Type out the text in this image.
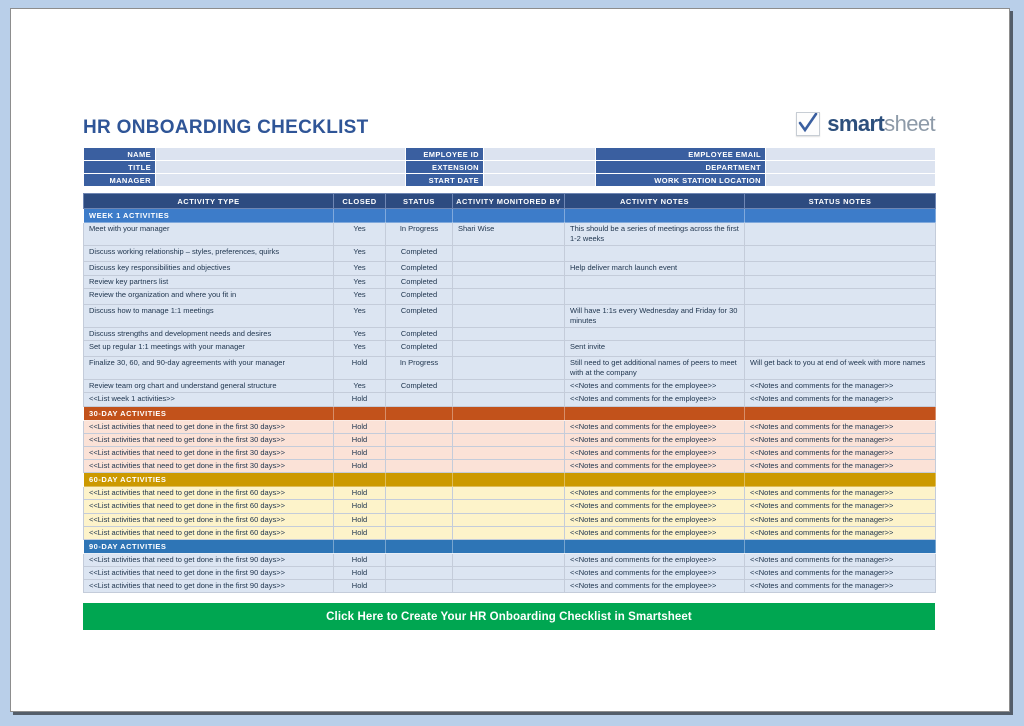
HR ONBOARDING CHECKLIST	smartsheet
NAME		EMPLOYEE ID		EMPLOYEE EMAIL	
TITLE		EXTENSION		DEPARTMENT	
MANAGER		START DATE		WORK STATION LOCATION	
ACTIVITY TYPE	CLOSED	STATUS	ACTIVITY MONITORED BY	ACTIVITY NOTES	STATUS NOTES
WEEK 1 ACTIVITIES					
Meet with your manager	Yes	In Progress	Shari Wise	This should be a series of meetings across the first 1-2 weeks	
Discuss working relationship – styles, preferences, quirks	Yes	Completed			
Discuss key responsibilities and objectives	Yes	Completed		Help deliver march launch event	
Review key partners list	Yes	Completed			
Review the organization and where you fit in	Yes	Completed			
Discuss how to manage 1:1 meetings	Yes	Completed		Will have 1:1s every Wednesday and Friday for 30 minutes	
Discuss strengths and development needs and desires	Yes	Completed			
Set up regular 1:1 meetings with your manager	Yes	Completed		Sent invite	
Finalize 30, 60, and 90-day agreements with your manager	Hold	In Progress		Still need to get additional names of peers to meet with at the company	Will get back to you at end of week with more names
Review team org chart and understand general structure	Yes	Completed		<<Notes and comments for the employee>>	<<Notes and comments for the manager>>
<<List week 1 activities>>	Hold			<<Notes and comments for the employee>>	<<Notes and comments for the manager>>
30-DAY ACTIVITIES					
<<List activities that need to get done in the first 30 days>>	Hold			<<Notes and comments for the employee>>	<<Notes and comments for the manager>>
<<List activities that need to get done in the first 30 days>>	Hold			<<Notes and comments for the employee>>	<<Notes and comments for the manager>>
<<List activities that need to get done in the first 30 days>>	Hold			<<Notes and comments for the employee>>	<<Notes and comments for the manager>>
<<List activities that need to get done in the first 30 days>>	Hold			<<Notes and comments for the employee>>	<<Notes and comments for the manager>>
60-DAY ACTIVITIES					
<<List activities that need to get done in the first 60 days>>	Hold			<<Notes and comments for the employee>>	<<Notes and comments for the manager>>
<<List activities that need to get done in the first 60 days>>	Hold			<<Notes and comments for the employee>>	<<Notes and comments for the manager>>
<<List activities that need to get done in the first 60 days>>	Hold			<<Notes and comments for the employee>>	<<Notes and comments for the manager>>
<<List activities that need to get done in the first 60 days>>	Hold			<<Notes and comments for the employee>>	<<Notes and comments for the manager>>
90-DAY ACTIVITIES					
<<List activities that need to get done in the first 90 days>>	Hold			<<Notes and comments for the employee>>	<<Notes and comments for the manager>>
<<List activities that need to get done in the first 90 days>>	Hold			<<Notes and comments for the employee>>	<<Notes and comments for the manager>>
<<List activities that need to get done in the first 90 days>>	Hold			<<Notes and comments for the employee>>	<<Notes and comments for the manager>>
Click Here to Create Your HR Onboarding Checklist in Smartsheet
